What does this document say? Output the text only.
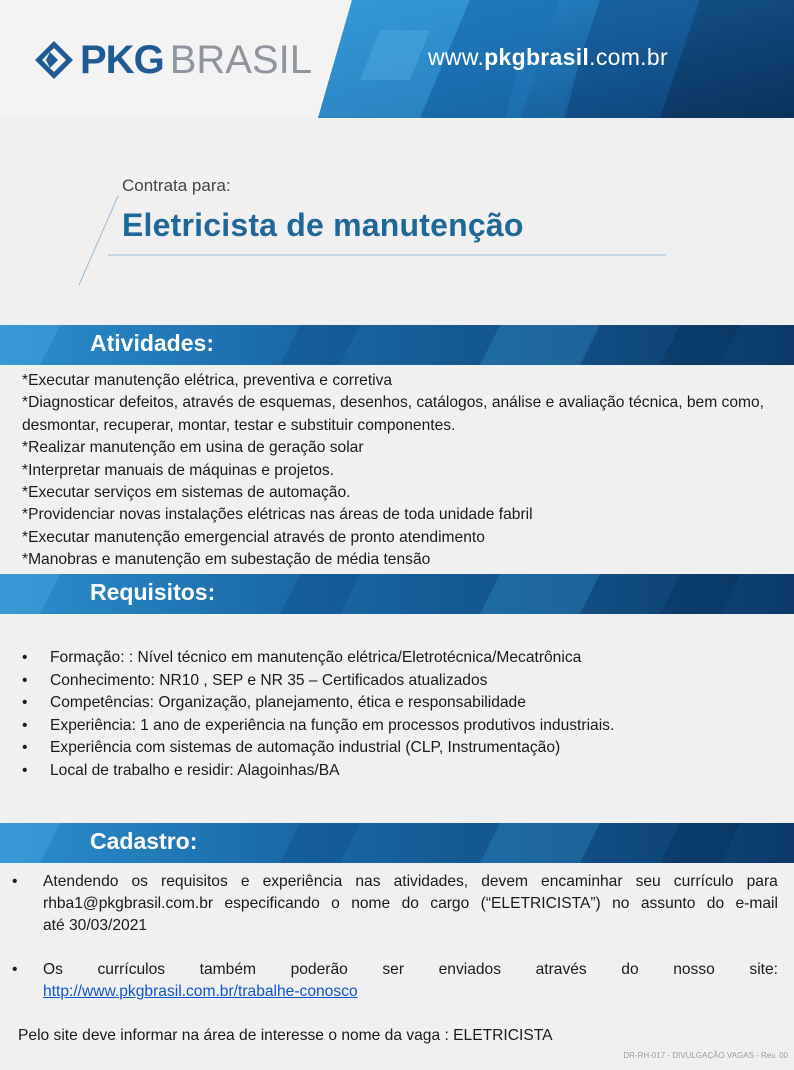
PKG BRASIL	www.pkgbrasil.com.br
Contrata para:
Eletricista de manutenção
Atividades:
*Executar manutenção elétrica, preventiva e corretiva
*Diagnosticar defeitos, através de esquemas, desenhos, catálogos, análise e avaliação técnica, bem como, desmontar, recuperar, montar, testar e substituir componentes.
*Realizar manutenção em usina de geração solar
*Interpretar manuais de máquinas e projetos.
*Executar serviços em sistemas de automação.
*Providenciar novas instalações elétricas nas áreas de toda unidade fabril
*Executar manutenção emergencial através de pronto atendimento
*Manobras e manutenção em subestação de média tensão
Requisitos:
• Formação: : Nível técnico em manutenção elétrica/Eletrotécnica/Mecatrônica
• Conhecimento: NR10 , SEP e NR 35 – Certificados atualizados
• Competências: Organização, planejamento, ética e responsabilidade
• Experiência: 1 ano de experiência na função em processos produtivos industriais.
• Experiência com sistemas de automação industrial (CLP, Instrumentação)
• Local de trabalho e residir: Alagoinhas/BA
Cadastro:
• Atendendo os requisitos e experiência nas atividades, devem encaminhar seu currículo para
rhba1@pkgbrasil.com.br especificando o nome do cargo (“ELETRICISTA”) no assunto do e-mail
até 30/03/2021
• Os currículos também poderão ser enviados através do nosso site:
http://www.pkgbrasil.com.br/trabalhe-conosco
Pelo site deve informar na área de interesse o nome da vaga : ELETRICISTA
DR-RH-017 - DIVULGAÇÃO VAGAS - Rev. 00
